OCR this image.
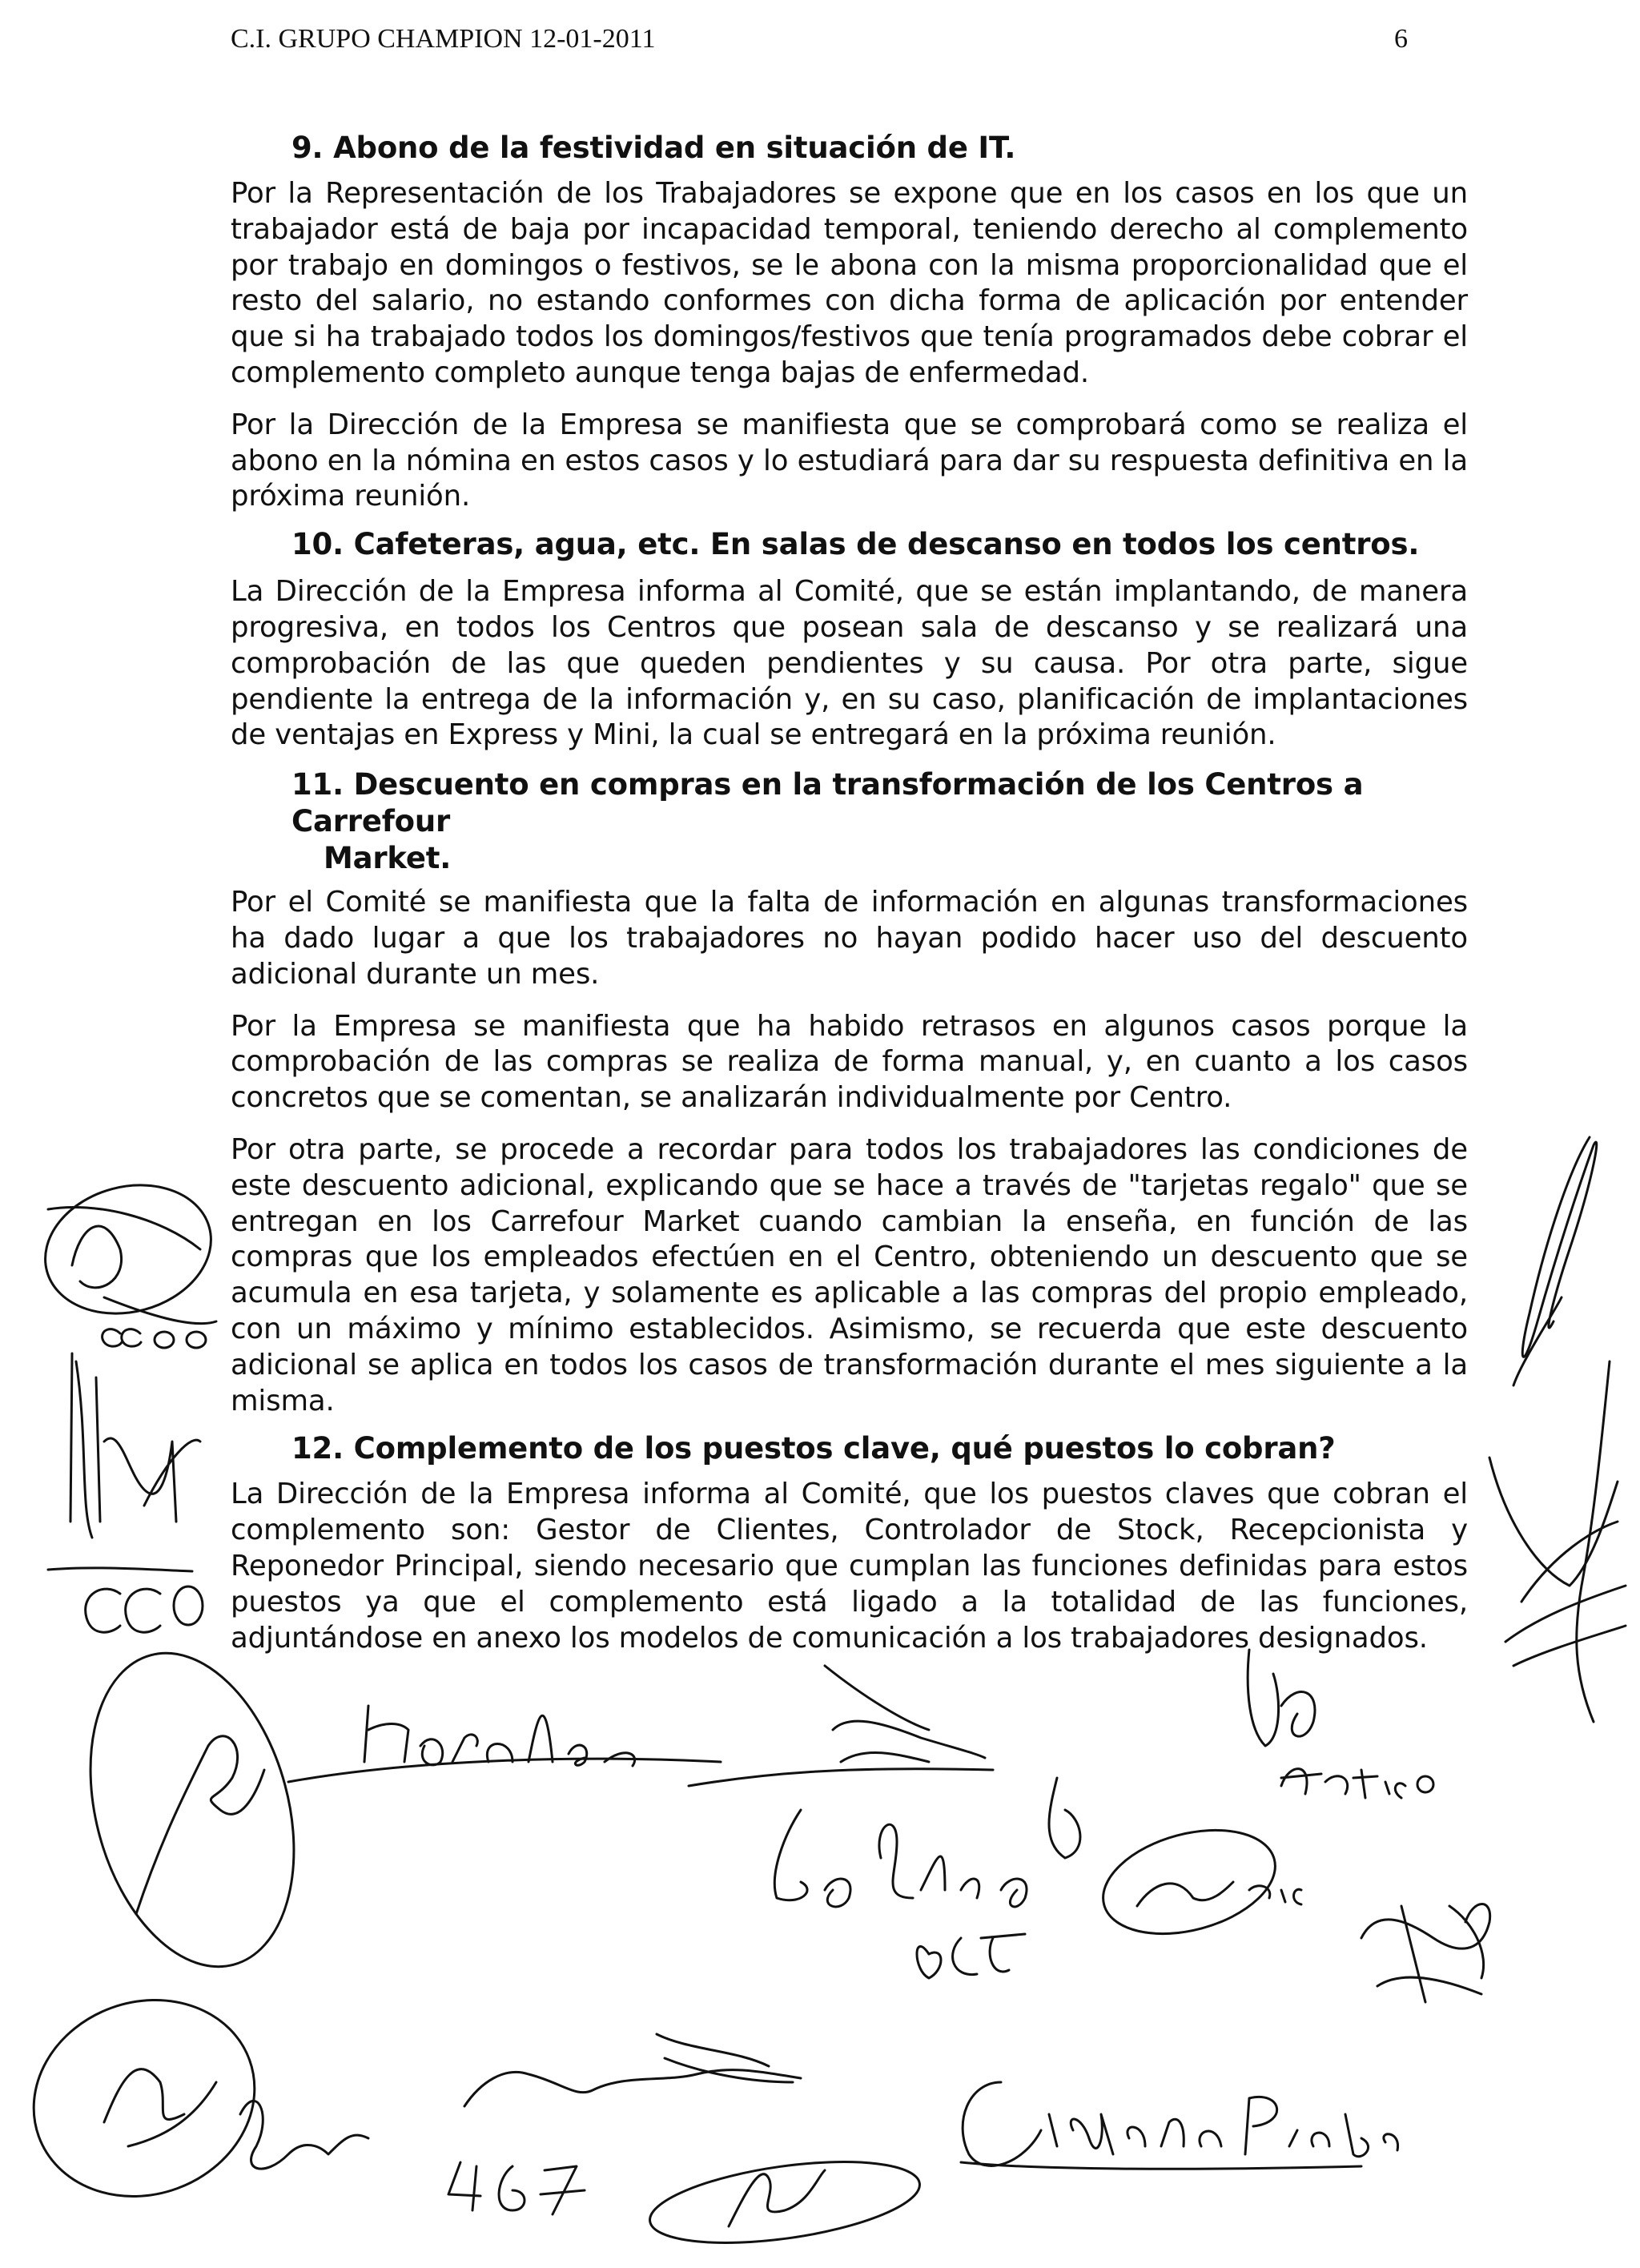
C.I. GRUPO CHAMPION 12-01-2011	6
9. Abono de la festividad en situación de IT.

Por la Representación de los Trabajadores se expone que en los casos en los que un trabajador está de baja por incapacidad temporal, teniendo derecho al complemento por trabajo en domingos o festivos, se le abona con la misma proporcionalidad que el resto del salario, no estando conformes con dicha forma de aplicación por entender que si ha trabajado todos los domingos/festivos que tenía programados debe cobrar el complemento completo aunque tenga bajas de enfermedad.

Por la Dirección de la Empresa se manifiesta que se comprobará como se realiza el abono en la nómina en estos casos y lo estudiará para dar su respuesta definitiva en la próxima reunión.

10. Cafeteras, agua, etc. En salas de descanso en todos los centros.

La Dirección de la Empresa informa al Comité, que se están implantando, de manera progresiva, en todos los Centros que posean sala de descanso y se realizará una comprobación de las que queden pendientes y su causa. Por otra parte, sigue pendiente la entrega de la información y, en su caso, planificación de implantaciones de ventajas en Express y Mini, la cual se entregará en la próxima reunión.

11. Descuento en compras en la transformación de los Centros a Carrefour
Market.

Por el Comité se manifiesta que la falta de información en algunas transformaciones ha dado lugar a que los trabajadores no hayan podido hacer uso del descuento adicional durante un mes.

Por la Empresa se manifiesta que ha habido retrasos en algunos casos porque la comprobación de las compras se realiza de forma manual, y, en cuanto a los casos concretos que se comentan, se analizarán individualmente por Centro.

Por otra parte, se procede a recordar para todos los trabajadores las condiciones de este descuento adicional, explicando que se hace a través de "tarjetas regalo" que se entregan en los Carrefour Market cuando cambian la enseña, en función de las compras que los empleados efectúen en el Centro, obteniendo un descuento que se acumula en esa tarjeta, y solamente es aplicable a las compras del propio empleado, con un máximo y mínimo establecidos. Asimismo, se recuerda que este descuento adicional se aplica en todos los casos de transformación durante el mes siguiente a la misma.

12. Complemento de los puestos clave, qué puestos lo cobran?

La Dirección de la Empresa informa al Comité, que los puestos claves que cobran el complemento son: Gestor de Clientes, Controlador de Stock, Recepcionista y Reponedor Principal, siendo necesario que cumplan las funciones definidas para estos puestos ya que el complemento está ligado a la totalidad de las funciones, adjuntándose en anexo los modelos de comunicación a los trabajadores designados.
